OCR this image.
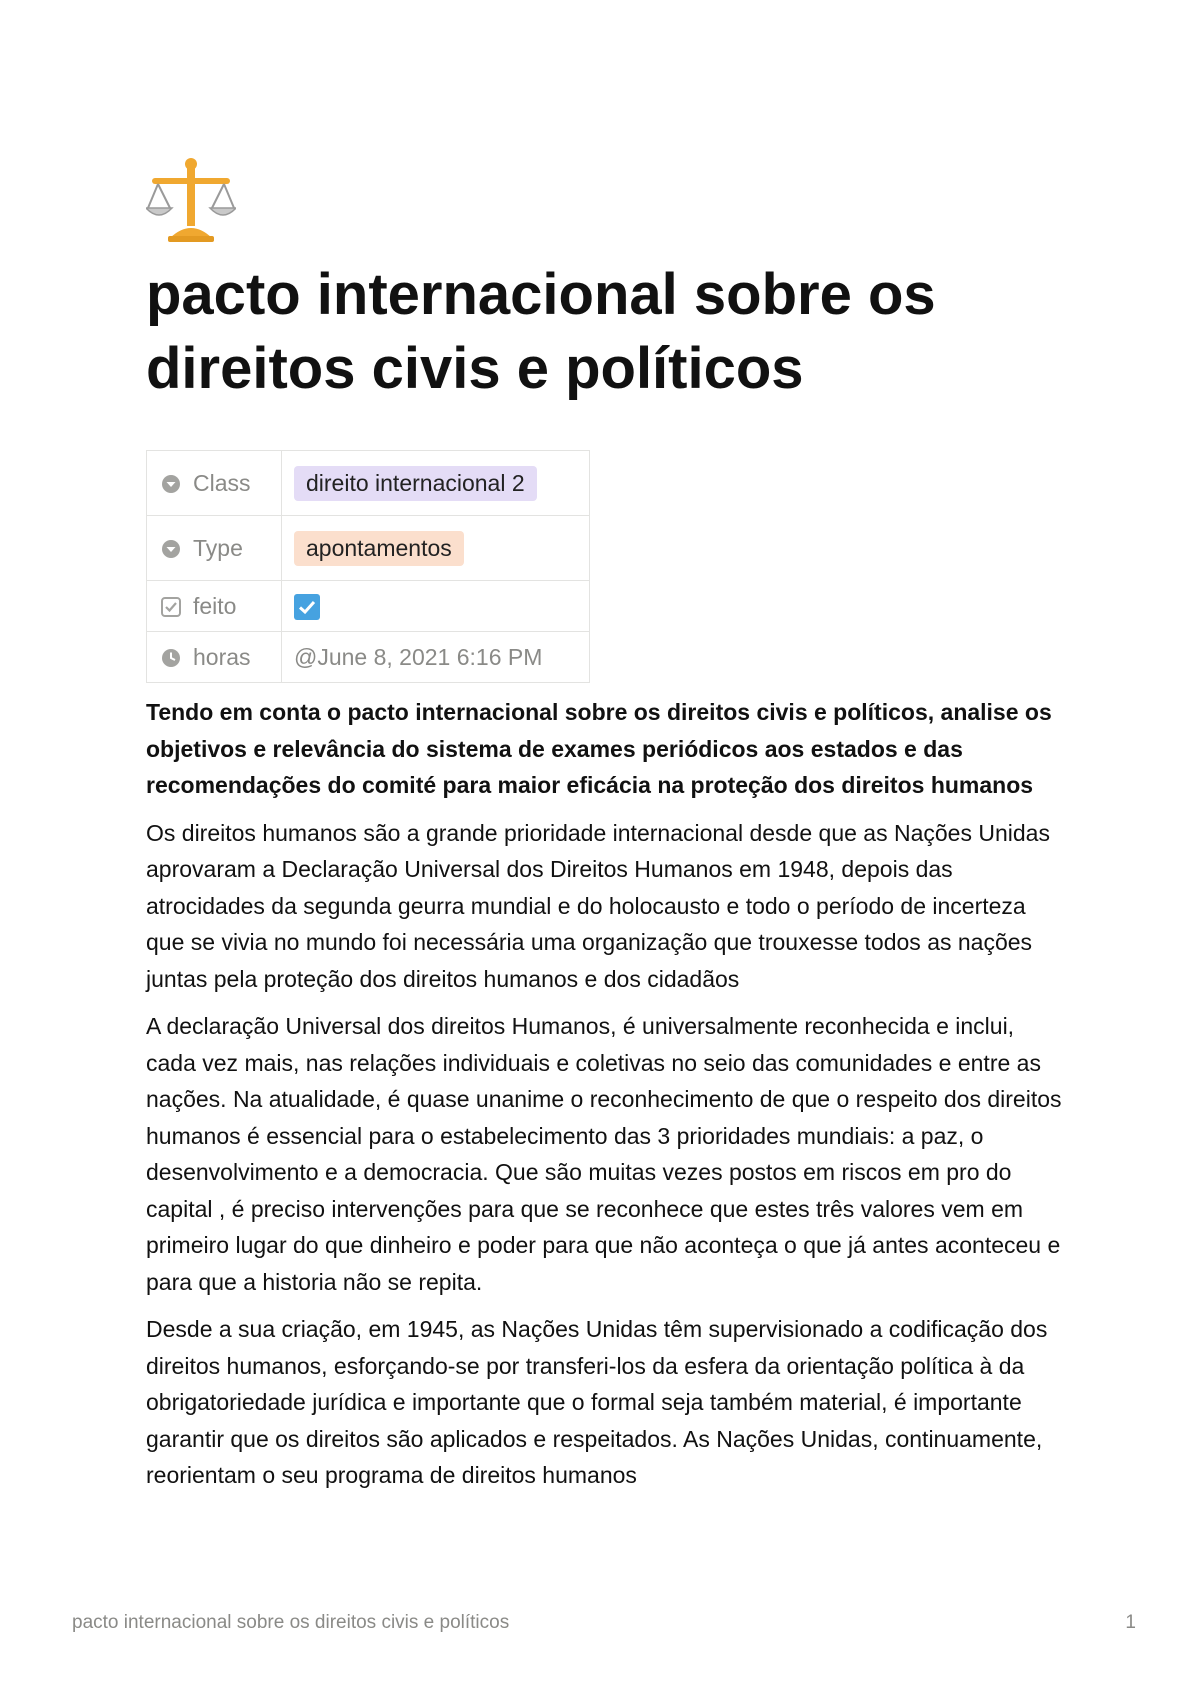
pacto internacional sobre os direitos civis e políticos
Class	direito internacional 2
Type	apontamentos
feito	

horas	@June 8, 2021 6:16 PM

Tendo em conta o pacto internacional sobre os direitos civis e políticos, analise os objetivos e relevância do sistema de exames periódicos aos estados e das recomendações do comité para maior eficácia na proteção dos direitos humanos

Os direitos humanos são a grande prioridade internacional desde que as Nações Unidas aprovaram a Declaração Universal dos Direitos Humanos em 1948, depois das atrocidades da segunda geurra mundial e do holocausto e todo o período de incerteza que se vivia no mundo foi necessária uma organização que trouxesse todos as nações juntas pela proteção dos direitos humanos e dos cidadãos

A declaração Universal dos direitos Humanos, é universalmente reconhecida e inclui, cada vez mais, nas relações individuais e coletivas no seio das comunidades e entre as nações. Na atualidade, é quase unanime o reconhecimento de que o respeito dos direitos humanos é essencial para o estabelecimento das 3 prioridades mundiais: a paz, o desenvolvimento e a democracia. Que são muitas vezes postos em riscos em pro do capital , é preciso intervenções para que se reconhece que estes três valores vem em primeiro lugar do que dinheiro e poder para que não aconteça o que já antes aconteceu e para que a historia não se repita.

Desde a sua criação, em 1945, as Nações Unidas têm supervisionado a codificação dos direitos humanos, esforçando-se por transferi-los da esfera da orientação política à da obrigatoriedade jurídica e importante que o formal seja também material, é importante garantir que os direitos são aplicados e respeitados. As Nações Unidas, continuamente, reorientam o seu programa de direitos humanos

pacto internacional sobre os direitos civis e políticos	1
